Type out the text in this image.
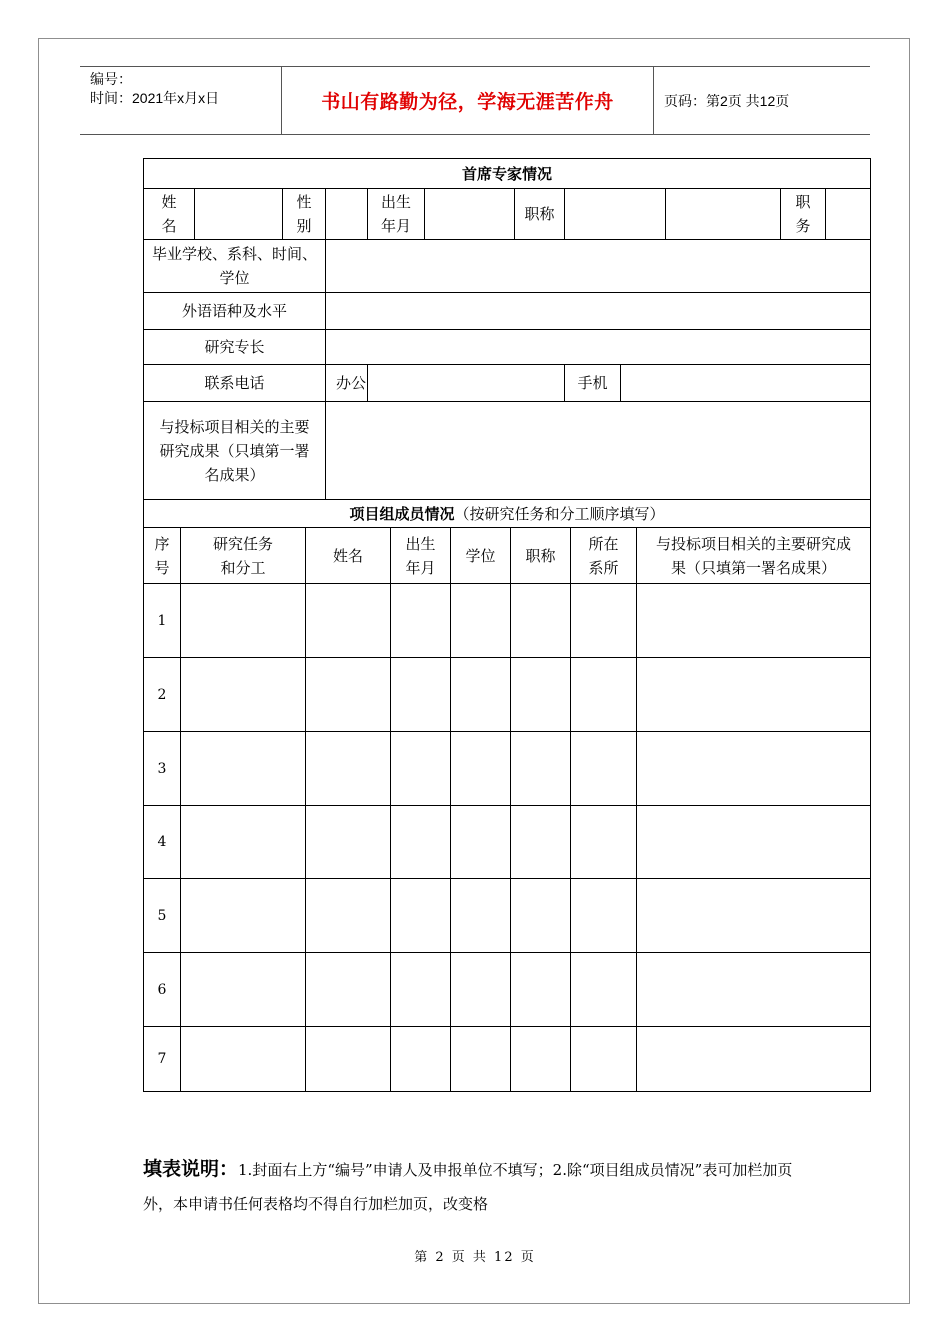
编号：
时间：2021年x月x日	书山有路勤为径，学海无涯苦作舟	页码：第2页 共12页
首席专家情况											
姓名		性别		出生年月		职称				职务	
毕业学校、系科、时间、学位											
外语语种及水平											
研究专长											
联系电话			办公				手机				
与投标项目相关的主要研究成果（只填第一署名成果）											
项目组成员情况（按研究任务和分工顺序填写）							
序号	研究任务和分工	姓名	出生年月	学位	职称	所在系所	与投标项目相关的主要研究成果（只填第一署名成果）
1							
2							
3							
4							
5							
6							
7							
填表说明：1.封面右上方“编号”申请人及申报单位不填写；2.除“项目组成员情况”表可加栏加页外，本申请书任何表格均不得自行加栏加页，改变格
第 2 页 共 12 页
